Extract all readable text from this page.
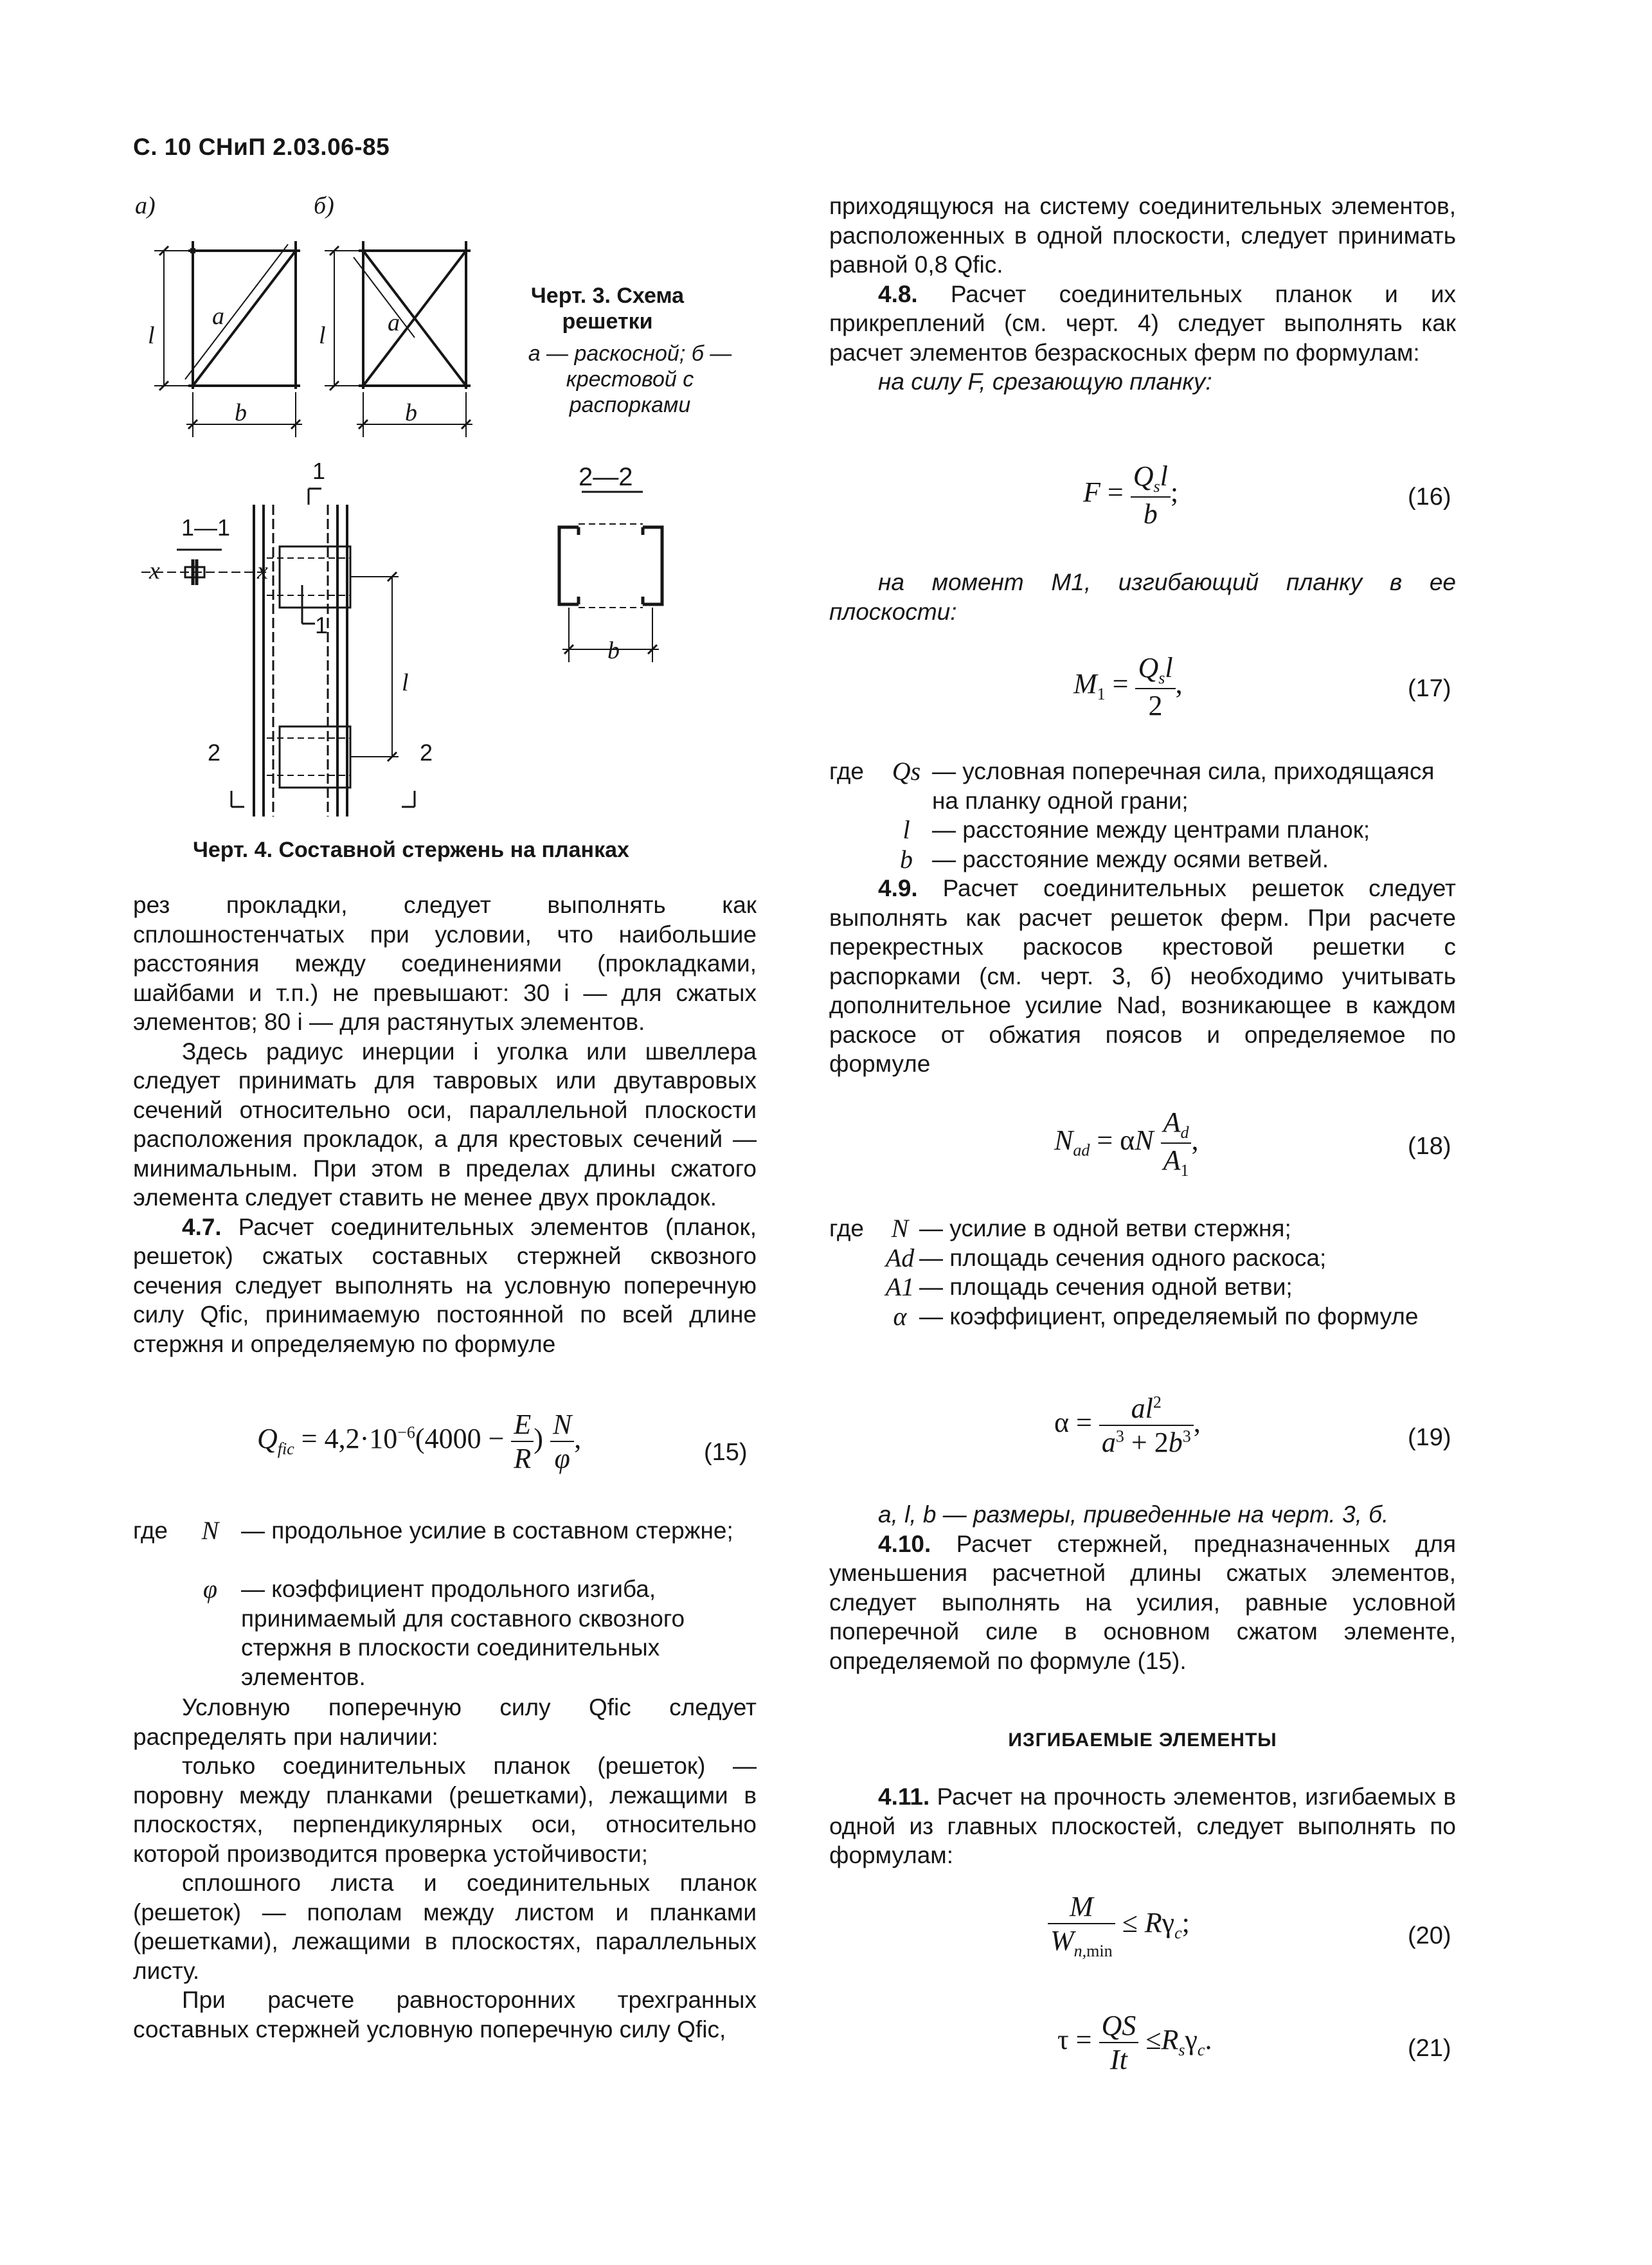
С. 10 СНиП 2.03.06-85
а)	б)
l
a
b
l	a
b
Черт. 3. Схема решетки
а — раскосной; б — крестовой с распорками
1—1
1
1
2	2
x	x
l
2—2
b
Черт. 4. Составной стержень на планках

рез прокладки, следует выполнять как сплошностенчатых при условии, что наибольшие расстояния между соединениями (прокладками, шайбами и т.п.) не превышают: 30 i — для сжатых элементов; 80 i — для растянутых элементов.

Здесь радиус инерции i уголка или швеллера следует принимать для тавровых или двутавровых сечений относительно оси, параллельной плоскости расположения прокладок, а для крестовых сечений — минимальным. При этом в пределах длины сжатого элемента следует ставить не менее двух прокладок.

4.7. Расчет соединительных элементов (планок, решеток) сжатых составных стержней сквозного сечения следует выполнять на условную поперечную силу Qfic, принимаемую постоянной по всей длине стержня и определяемую по формуле

$Q_{fic} = 4,2\cdot 10^{-6}(4000 - \frac{E}{R}$ ) $\frac{N}{\varphi}$ ,	(15)
где	N — продольное усилие в составном стержне;
φ — коэффициент продольного изгиба, принимаемый для составного сквозного стержня в плоскости соединительных элементов.

Условную поперечную силу Qfic следует распределять при наличии:

только соединительных планок (решеток) — поровну между планками (решетками), лежащими в плоскостях, перпендикулярных оси, относительно которой производится проверка устойчивости;

сплошного листа и соединительных планок (решеток) — пополам между листом и планками (решетками), лежащими в плоскостях, параллельных листу.

При расчете равносторонних трехгранных составных стержней условную поперечную силу Qfic,

приходящуюся на систему соединительных элементов, расположенных в одной плоскости, следует принимать равной 0,8 Qfic.

4.8. Расчет соединительных планок и их прикреплений (см. черт. 4) следует выполнять как расчет элементов безраскосных ферм по формулам:

на силу F, срезающую планку:

$F = \frac{Q_sl}{b}$ ;	(16)

на момент M1, изгибающий планку в ее плоскости:

$M_1 = \frac{Q_sl}{2}$ ,	(17)
где Qs — условная поперечная сила, приходящаяся на планку одной грани;
l — расстояние между центрами планок;
b — расстояние между осями ветвей.

4.9. Расчет соединительных решеток следует выполнять как расчет решеток ферм. При расчете перекрестных раскосов крестовой решетки с распорками (см. черт. 3, б) необходимо учитывать дополнительное усилие Nad, возникающее в каждом раскосе от обжатия поясов и определяемое по формуле

$N_{ad} = \alpha N \frac{A_d}{A_1}$ ,	(18)
где	N — усилие в одной ветви стержня;
Ad — площадь сечения одного раскоса;
A1 — площадь сечения одной ветви;
α — коэффициент, определяемый по формуле
$\alpha = \frac{al^2}{a^3 + 2b^3}$ ,	(19)

a, l, b — размеры, приведенные на черт. 3, б.

4.10. Расчет стержней, предназначенных для уменьшения расчетной длины сжатых элементов, следует выполнять на усилия, равные условной поперечной силе в основном сжатом элементе, определяемой по формуле (15).

ИЗГИБАЕМЫЕ ЭЛЕМЕНТЫ

4.11. Расчет на прочность элементов, изгибаемых в одной из главных плоскостей, следует выполнять по формулам:

$\frac{M}{W_{n,min}} \le R\gamma_c$;	(20)
$\tau = \frac{QS}{It} \le R_s\gamma_c$.	(21)
